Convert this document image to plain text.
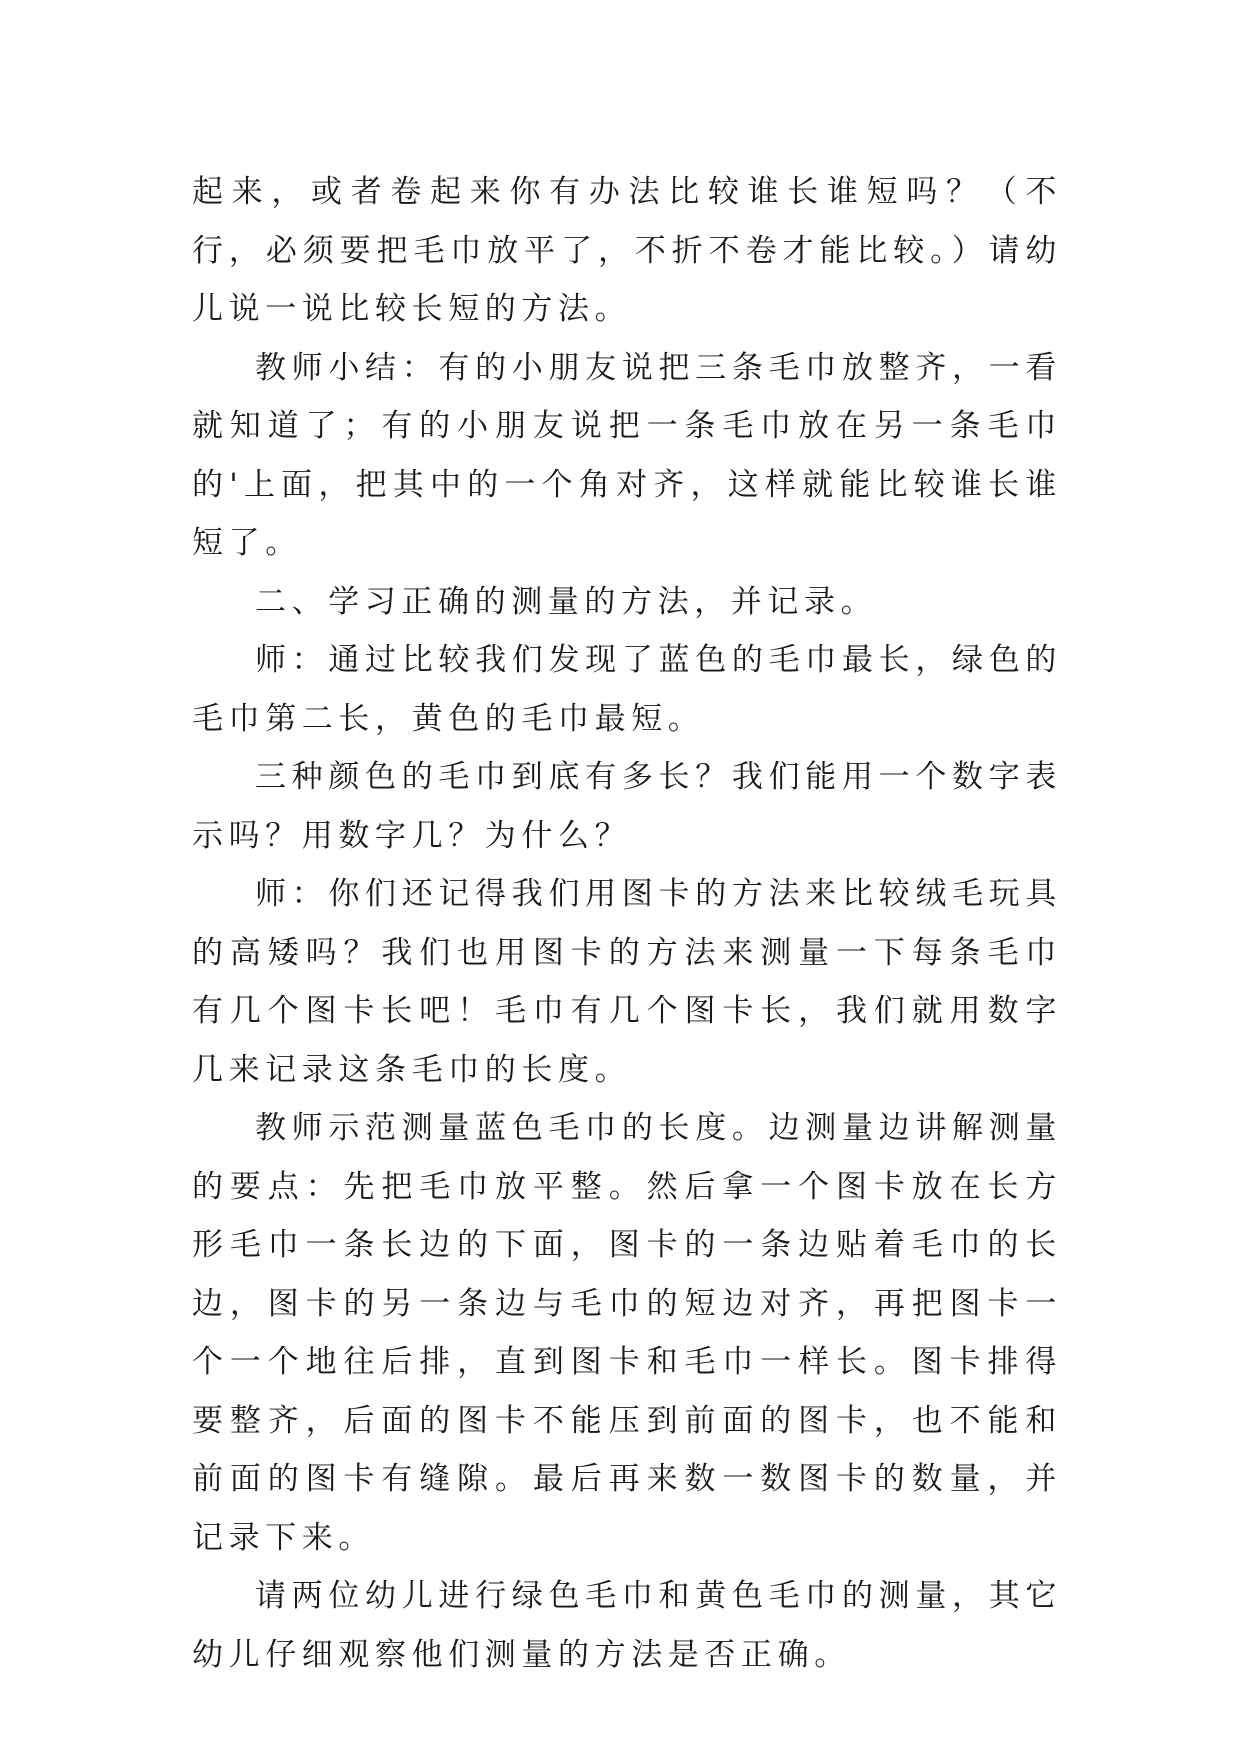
起来，或者卷起来你有办法比较谁长谁短吗？（不行，必须要把毛巾放平了，不折不卷才能比较。）请幼儿说一说比较长短的方法。

教师小结：有的小朋友说把三条毛巾放整齐，一看就知道了；有的小朋友说把一条毛巾放在另一条毛巾的'上面，把其中的一个角对齐，这样就能比较谁长谁短了。

二、学习正确的测量的方法，并记录。

师：通过比较我们发现了蓝色的毛巾最长，绿色的毛巾第二长，黄色的毛巾最短。

三种颜色的毛巾到底有多长？我们能用一个数字表示吗？用数字几？为什么？

师：你们还记得我们用图卡的方法来比较绒毛玩具的高矮吗？我们也用图卡的方法来测量一下每条毛巾有几个图卡长吧！毛巾有几个图卡长，我们就用数字几来记录这条毛巾的长度。

教师示范测量蓝色毛巾的长度。边测量边讲解测量的要点：先把毛巾放平整。然后拿一个图卡放在长方形毛巾一条长边的下面，图卡的一条边贴着毛巾的长边，图卡的另一条边与毛巾的短边对齐，再把图卡一个一个地往后排，直到图卡和毛巾一样长。图卡排得要整齐，后面的图卡不能压到前面的图卡，也不能和前面的图卡有缝隙。最后再来数一数图卡的数量，并记录下来。

请两位幼儿进行绿色毛巾和黄色毛巾的测量，其它幼儿仔细观察他们测量的方法是否正确。
